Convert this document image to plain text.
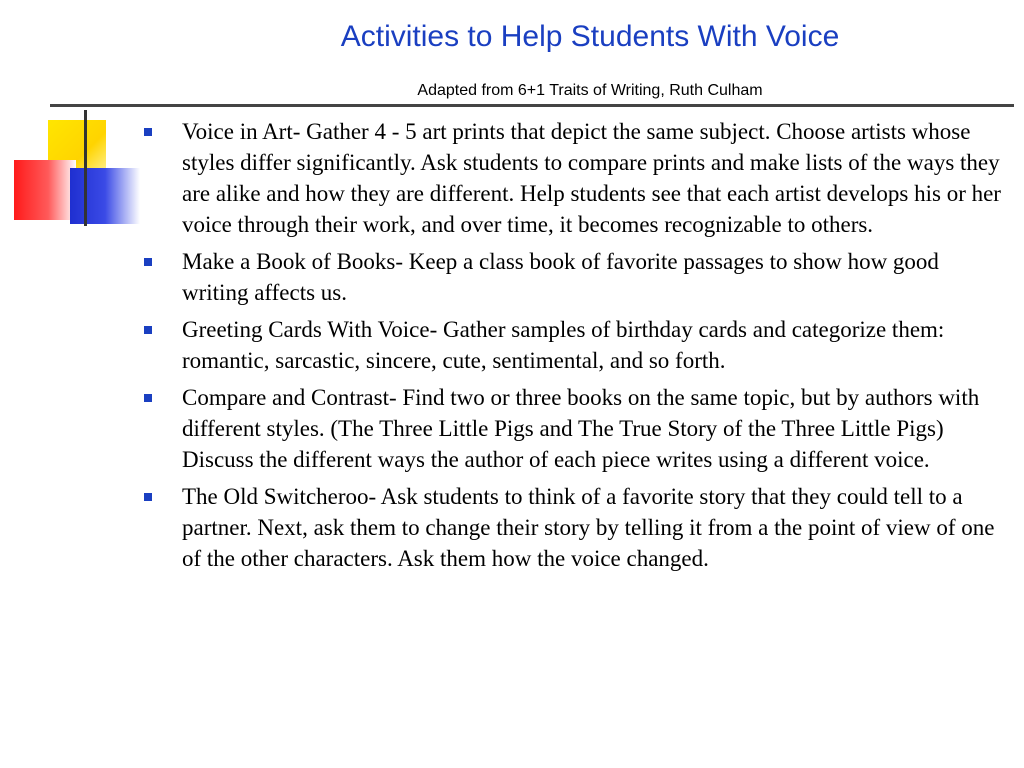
Activities to Help Students With Voice
Adapted from 6+1 Traits of Writing, Ruth Culham
Voice in Art- Gather 4 - 5 art prints that depict the same subject. Choose artists whose styles differ significantly. Ask students to compare prints and make lists of the ways they are alike and how they are different. Help students see that each artist develops his or her voice through their work, and over time, it becomes recognizable to others.
Make a Book of Books- Keep a class book of favorite passages to show how good writing affects us.
Greeting Cards With Voice- Gather samples of birthday cards and categorize them: romantic, sarcastic, sincere, cute, sentimental, and so forth.
Compare and Contrast- Find two or three books on the same topic, but by authors with different styles. (The Three Little Pigs and The True Story of the Three Little Pigs) Discuss the different ways the author of each piece writes using a different voice.
The Old Switcheroo- Ask students to think of a favorite story that they could tell to a partner. Next, ask them to change their story by telling it from a the point of view of one of the other characters. Ask them how the voice changed.
